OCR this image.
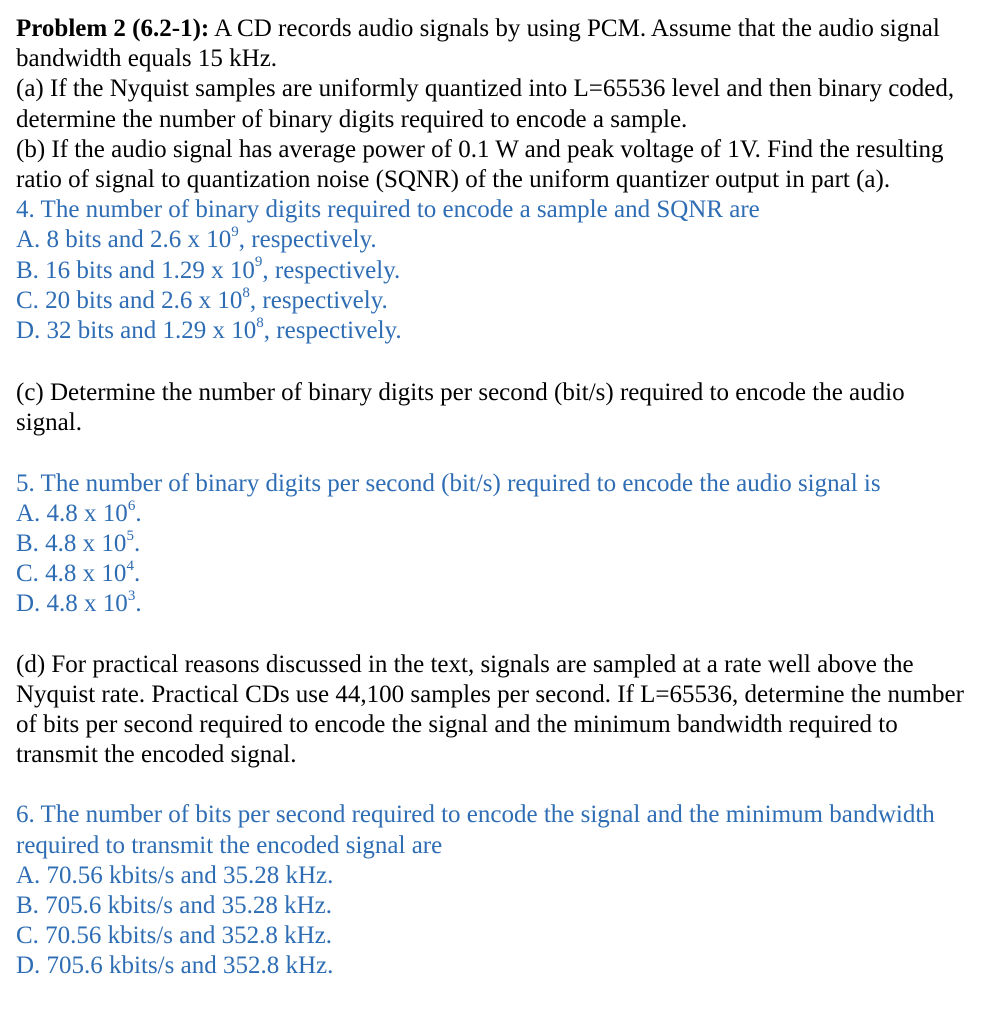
Problem 2 (6.2-1): A CD records audio signals by using PCM. Assume that the audio signal bandwidth equals 15 kHz.
(a) If the Nyquist samples are uniformly quantized into L=65536 level and then binary coded, determine the number of binary digits required to encode a sample.
(b) If the audio signal has average power of 0.1 W and peak voltage of 1V. Find the resulting ratio of signal to quantization noise (SQNR) of the uniform quantizer output in part (a).
4. The number of binary digits required to encode a sample and SQNR are
A. 8 bits and 2.6 x $10^9$, respectively.
B. 16 bits and 1.29 x $10^9$, respectively.
C. 20 bits and 2.6 x $10^8$, respectively.
D. 32 bits and 1.29 x $10^8$, respectively.
(c) Determine the number of binary digits per second (bit/s) required to encode the audio signal.
5. The number of binary digits per second (bit/s) required to encode the audio signal is
A. 4.8 x $10^6$.
B. 4.8 x $10^5$.
C. 4.8 x $10^4$.
D. 4.8 x $10^3$.
(d) For practical reasons discussed in the text, signals are sampled at a rate well above the Nyquist rate. Practical CDs use 44,100 samples per second. If L=65536, determine the number of bits per second required to encode the signal and the minimum bandwidth required to transmit the encoded signal.
6. The number of bits per second required to encode the signal and the minimum bandwidth required to transmit the encoded signal are
A. 70.56 kbits/s and 35.28 kHz.
B. 705.6 kbits/s and 35.28 kHz.
C. 70.56 kbits/s and 352.8 kHz.
D. 705.6 kbits/s and 352.8 kHz.
